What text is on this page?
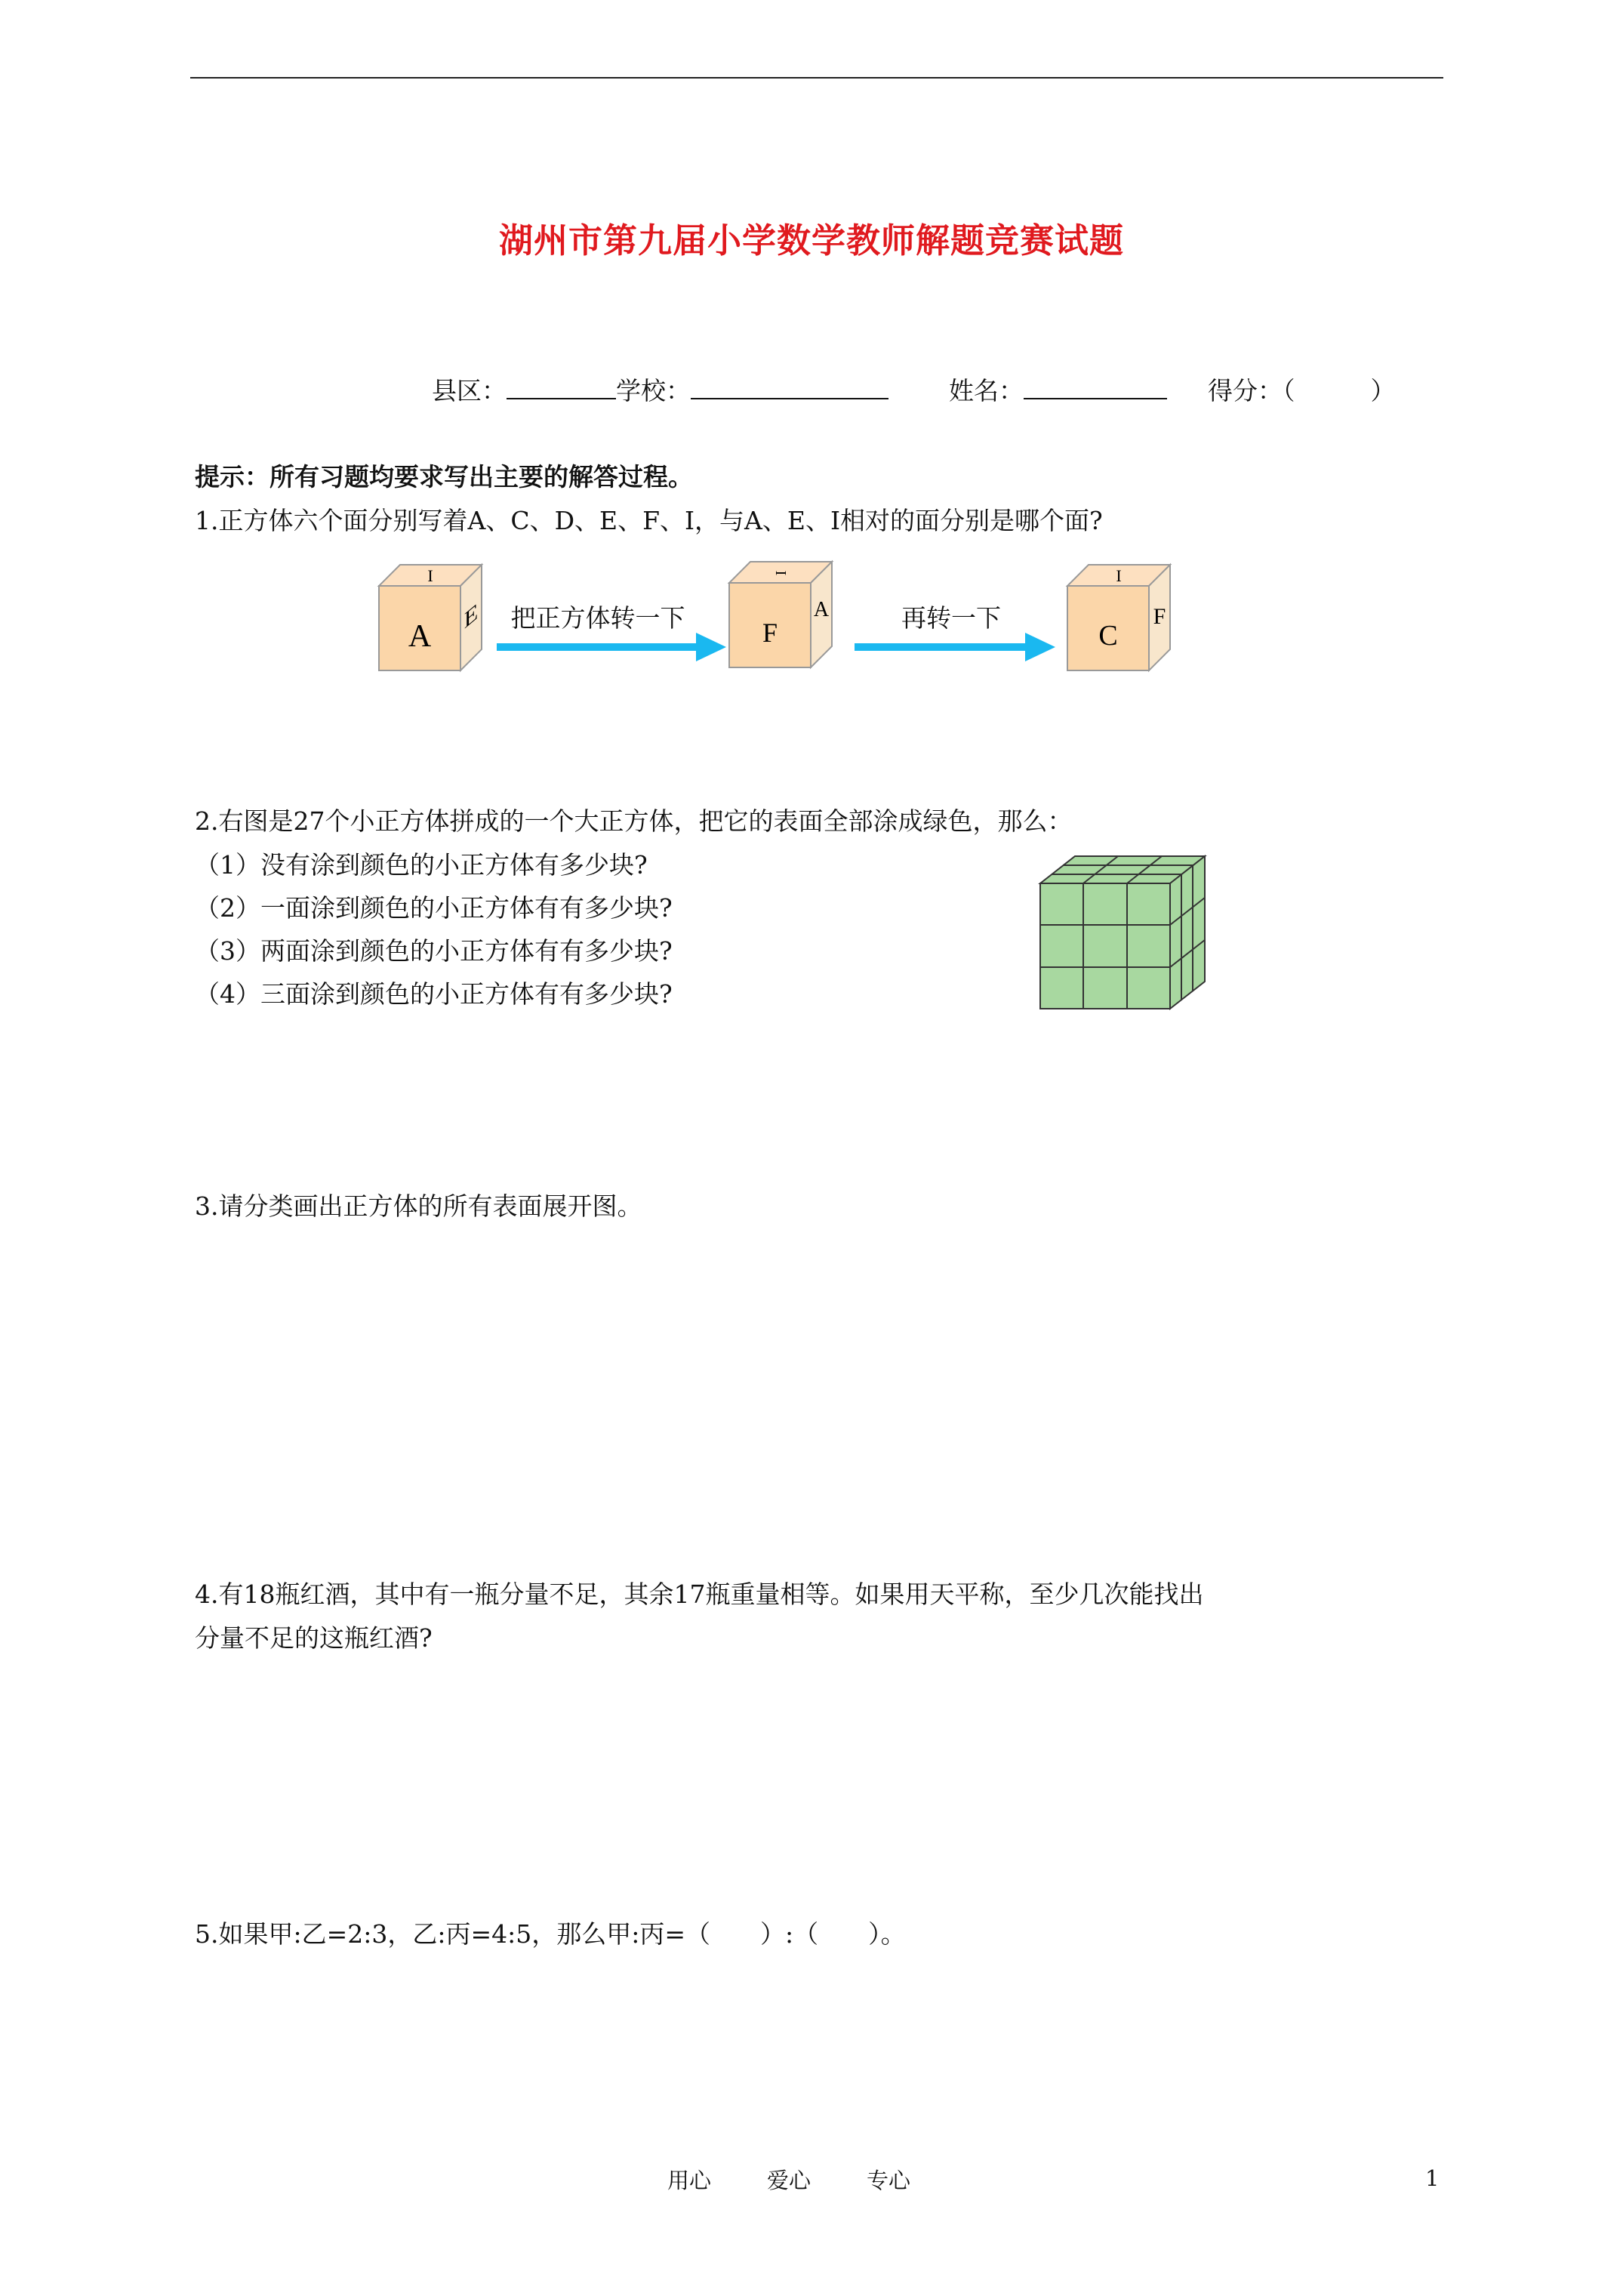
湖州市第九届小学数学教师解题竞赛试题
县区：	学校：	姓名：	得分：（	）
提示：所有习题均要求写出主要的解答过程。
1.正方体六个面分别写着A、C、D、E、F、I，与A、E、I相对的面分别是哪个面?
A
E
I
把正方体转一下	F
A
I
再转一下
C
F
I
2.右图是27个小正方体拼成的一个大正方体，把它的表面全部涂成绿色，那么：
（1）没有涂到颜色的小正方体有多少块?
（2）一面涂到颜色的小正方体有有多少块?
（3）两面涂到颜色的小正方体有有多少块?
（4）三面涂到颜色的小正方体有有多少块?
3.请分类画出正方体的所有表面展开图。
4.有18瓶红酒，其中有一瓶分量不足，其余17瓶重量相等。如果用天平称，至少几次能找出
分量不足的这瓶红酒?
5.如果甲:乙=2:3，乙:丙=4:5，那么甲:丙=（　　）:（　　）。
用心	爱心	专心	1
